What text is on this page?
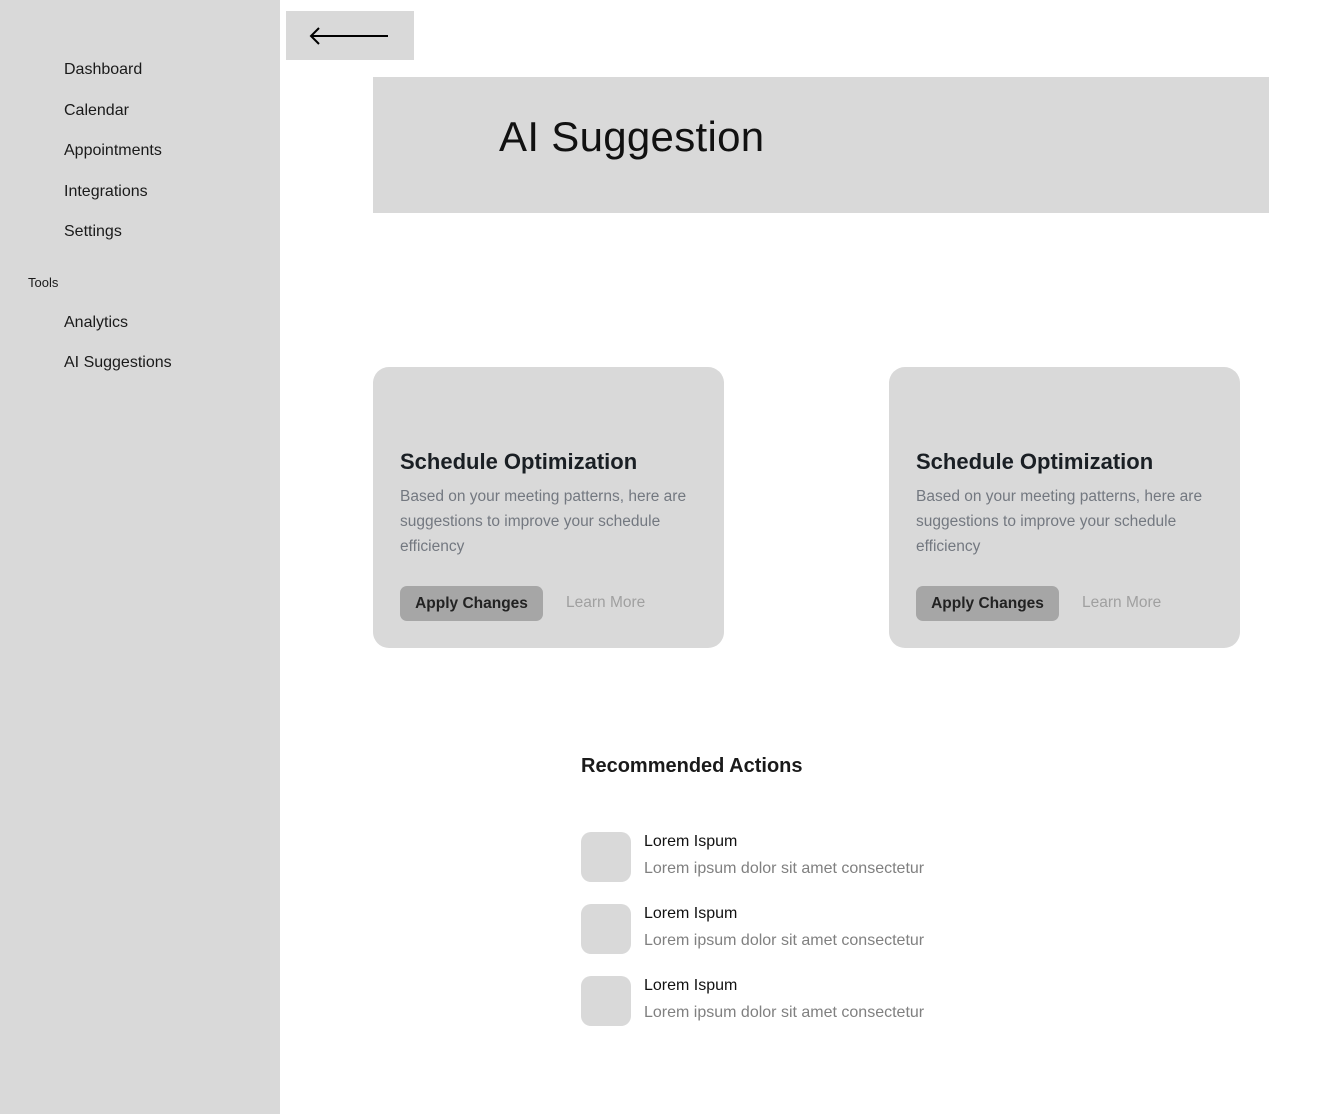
Dashboard
Calendar
Appointments
Integrations
Settings
Tools
Analytics
AI Suggestions
AI Suggestion
Schedule Optimization

Based on your meeting patterns, here are suggestions to improve your schedule efficiency

Apply Changes	Learn More
Schedule Optimization

Based on your meeting patterns, here are suggestions to improve your schedule efficiency

Apply Changes	Learn More
Recommended Actions
Lorem Ispum
Lorem ipsum dolor sit amet consectetur
Lorem Ispum
Lorem ipsum dolor sit amet consectetur
Lorem Ispum
Lorem ipsum dolor sit amet consectetur
